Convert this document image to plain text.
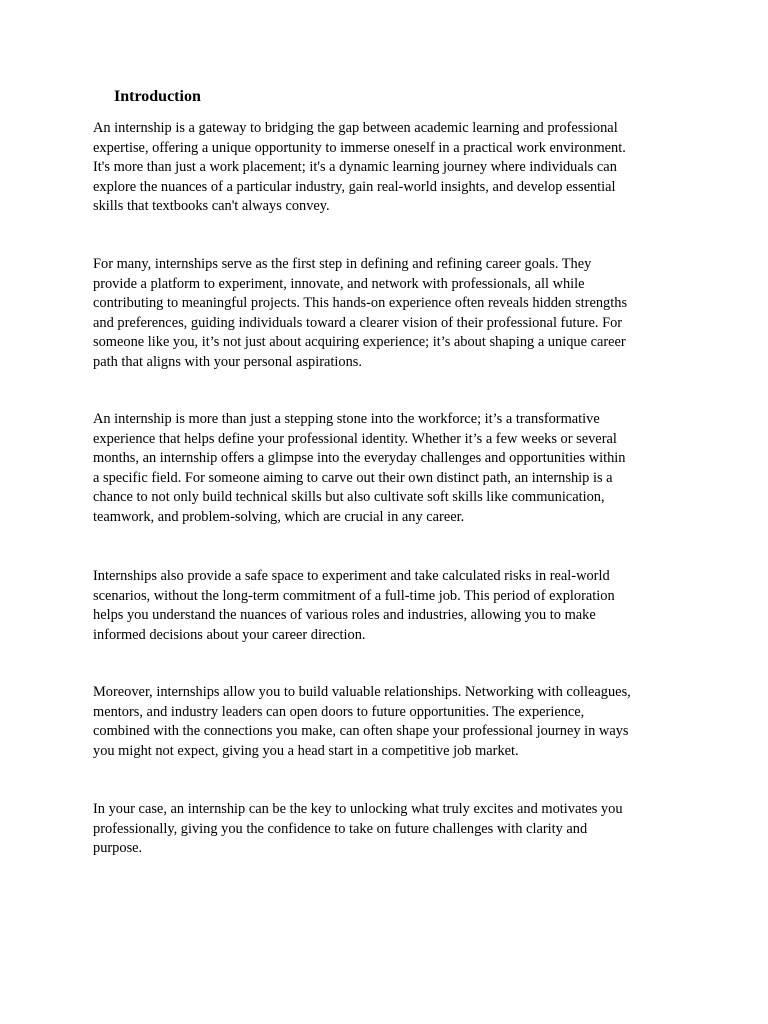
Introduction

An internship is a gateway to bridging the gap between academic learning and professional
expertise, offering a unique opportunity to immerse oneself in a practical work environment.
It's more than just a work placement; it's a dynamic learning journey where individuals can
explore the nuances of a particular industry, gain real-world insights, and develop essential
skills that textbooks can't always convey.

For many, internships serve as the first step in defining and refining career goals. They
provide a platform to experiment, innovate, and network with professionals, all while
contributing to meaningful projects. This hands-on experience often reveals hidden strengths
and preferences, guiding individuals toward a clearer vision of their professional future. For
someone like you, it’s not just about acquiring experience; it’s about shaping a unique career
path that aligns with your personal aspirations.

An internship is more than just a stepping stone into the workforce; it’s a transformative
experience that helps define your professional identity. Whether it’s a few weeks or several
months, an internship offers a glimpse into the everyday challenges and opportunities within
a specific field. For someone aiming to carve out their own distinct path, an internship is a
chance to not only build technical skills but also cultivate soft skills like communication,
teamwork, and problem-solving, which are crucial in any career.

Internships also provide a safe space to experiment and take calculated risks in real-world
scenarios, without the long-term commitment of a full-time job. This period of exploration
helps you understand the nuances of various roles and industries, allowing you to make
informed decisions about your career direction.

Moreover, internships allow you to build valuable relationships. Networking with colleagues,
mentors, and industry leaders can open doors to future opportunities. The experience,
combined with the connections you make, can often shape your professional journey in ways
you might not expect, giving you a head start in a competitive job market.

In your case, an internship can be the key to unlocking what truly excites and motivates you
professionally, giving you the confidence to take on future challenges with clarity and
purpose.
